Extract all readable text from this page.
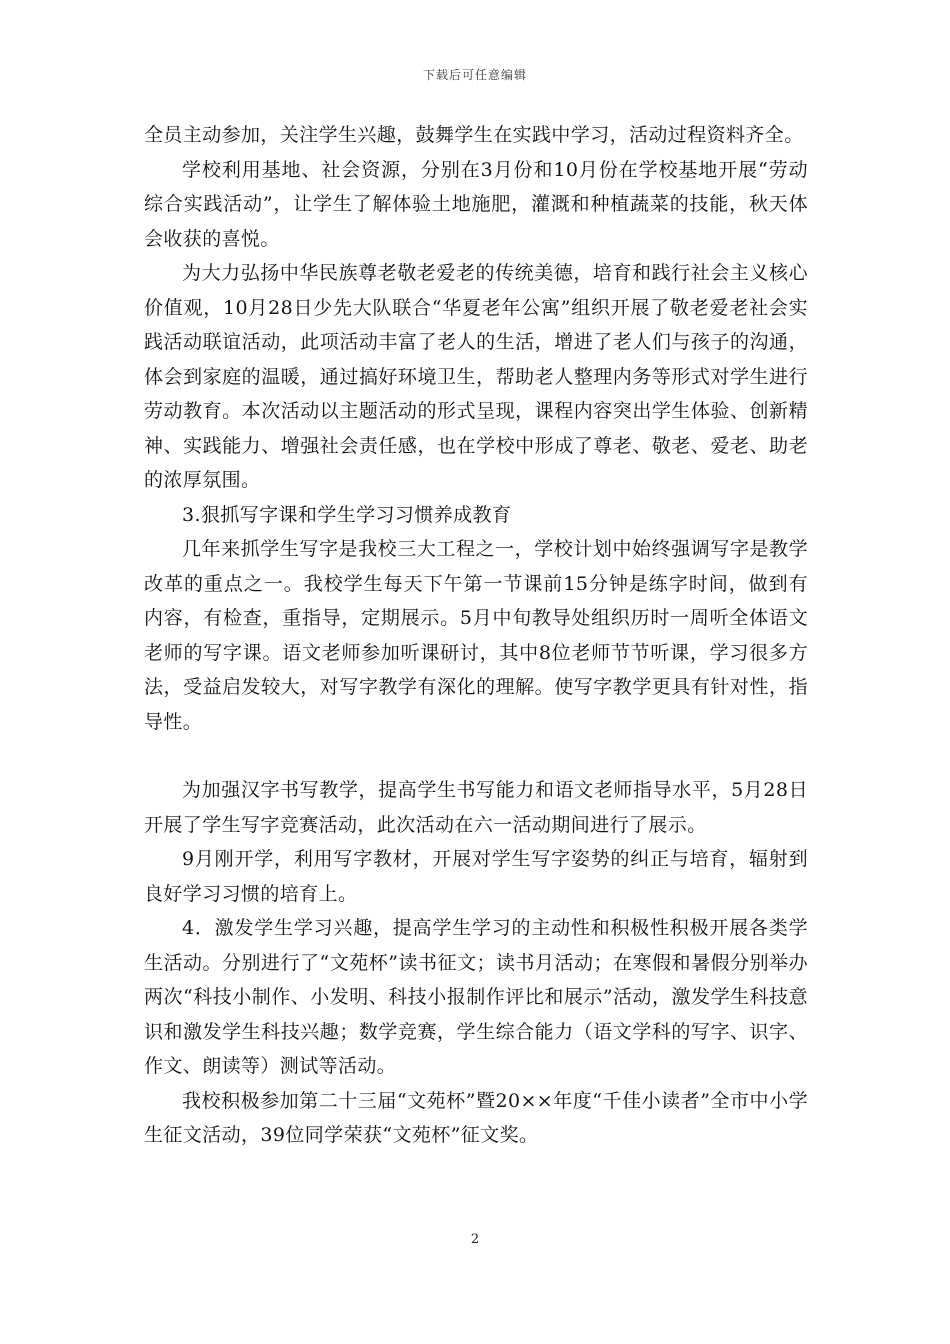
下载后可任意编辑

全员主动参加，关注学生兴趣，鼓舞学生在实践中学习，活动过程资料齐全。

学校利用基地、社会资源，分别在3月份和10月份在学校基地开展“劳动综合实践活动”，让学生了解体验土地施肥，灌溉和种植蔬菜的技能，秋天体会收获的喜悦。

为大力弘扬中华民族尊老敬老爱老的传统美德，培育和践行社会主义核心价值观，10月28日少先大队联合“华夏老年公寓”组织开展了敬老爱老社会实践活动联谊活动，此项活动丰富了老人的生活，增进了老人们与孩子的沟通，体会到家庭的温暖，通过搞好环境卫生，帮助老人整理内务等形式对学生进行劳动教育。本次活动以主题活动的形式呈现，课程内容突出学生体验、创新精神、实践能力、增强社会责任感，也在学校中形成了尊老、敬老、爱老、助老的浓厚氛围。

3.狠抓写字课和学生学习习惯养成教育

几年来抓学生写字是我校三大工程之一，学校计划中始终强调写字是教学改革的重点之一。我校学生每天下午第一节课前15分钟是练字时间，做到有内容，有检查，重指导，定期展示。5月中旬教导处组织历时一周听全体语文老师的写字课。语文老师参加听课研讨，其中8位老师节节听课，学习很多方法，受益启发较大，对写字教学有深化的理解。使写字教学更具有针对性，指导性。

为加强汉字书写教学，提高学生书写能力和语文老师指导水平，5月28日开展了学生写字竞赛活动，此次活动在六一活动期间进行了展示。

9月刚开学，利用写字教材，开展对学生写字姿势的纠正与培育，辐射到良好学习习惯的培育上。

4．激发学生学习兴趣，提高学生学习的主动性和积极性积极开展各类学生活动。分别进行了“文苑杯”读书征文；读书月活动；在寒假和暑假分别举办两次“科技小制作、小发明、科技小报制作评比和展示”活动，激发学生科技意识和激发学生科技兴趣；数学竞赛，学生综合能力（语文学科的写字、识字、作文、朗读等）测试等活动。

我校积极参加第二十三届“文苑杯”暨20××年度“千佳小读者”全市中小学生征文活动，39位同学荣获“文苑杯”征文奖。

2
